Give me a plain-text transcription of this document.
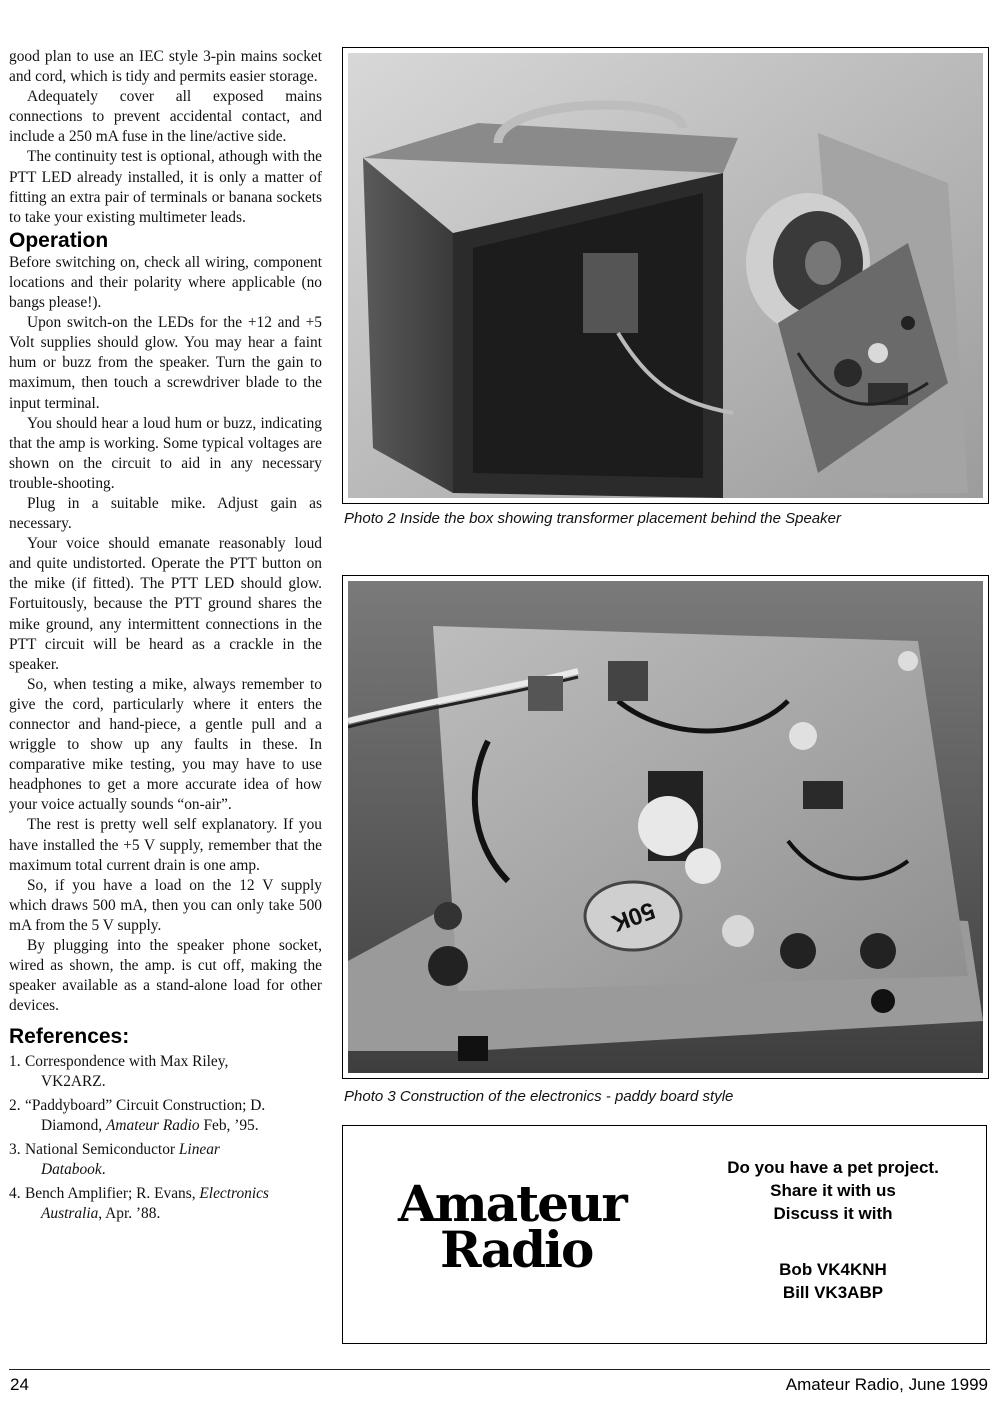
good plan to use an IEC style 3-pin mains socket and cord, which is tidy and permits easier storage.

Adequately cover all exposed mains connections to prevent accidental contact, and include a 250 mA fuse in the line/active side.

The continuity test is optional, athough with the PTT LED already installed, it is only a matter of fitting an extra pair of terminals or banana sockets to take your existing multimeter leads.

Operation

Before switching on, check all wiring, component locations and their polarity where applicable (no bangs please!).

Upon switch-on the LEDs for the +12 and +5 Volt supplies should glow. You may hear a faint hum or buzz from the speaker. Turn the gain to maximum, then touch a screwdriver blade to the input terminal.

You should hear a loud hum or buzz, indicating that the amp is working. Some typical voltages are shown on the circuit to aid in any necessary trouble-shooting.

Plug in a suitable mike. Adjust gain as necessary.

Your voice should emanate reasonably loud and quite undistorted. Operate the PTT button on the mike (if fitted). The PTT LED should glow. Fortuitously, because the PTT ground shares the mike ground, any intermittent connections in the PTT circuit will be heard as a crackle in the speaker.

So, when testing a mike, always remember to give the cord, particularly where it enters the connector and hand-piece, a gentle pull and a wriggle to show up any faults in these. In comparative mike testing, you may have to use headphones to get a more accurate idea of how your voice actually sounds “on-air”.

The rest is pretty well self explanatory. If you have installed the +5 V supply, remember that the maximum total current drain is one amp.

So, if you have a load on the 12 V supply which draws 500 mA, then you can only take 500 mA from the 5 V supply.

By plugging into the speaker phone socket, wired as shown, the amp. is cut off, making the speaker available as a stand-alone load for other devices.

References:
1. Correspondence with Max Riley,
VK2ARZ.
2. “Paddyboard” Circuit Construction; D.
Diamond, Amateur Radio Feb, ’95.
3. National Semiconductor Linear
Databook.
4. Bench Amplifier; R. Evans, Electronics
Australia, Apr. ’88.
Photo 2 Inside the box showing transformer placement behind the Speaker
50K
Photo 3 Construction of the electronics - paddy board style
Amateur
Radio
Do you have a pet project.
Share it with us
Discuss it with
Bob VK4KNH
Bill VK3ABP
24	Amateur Radio, June 1999
